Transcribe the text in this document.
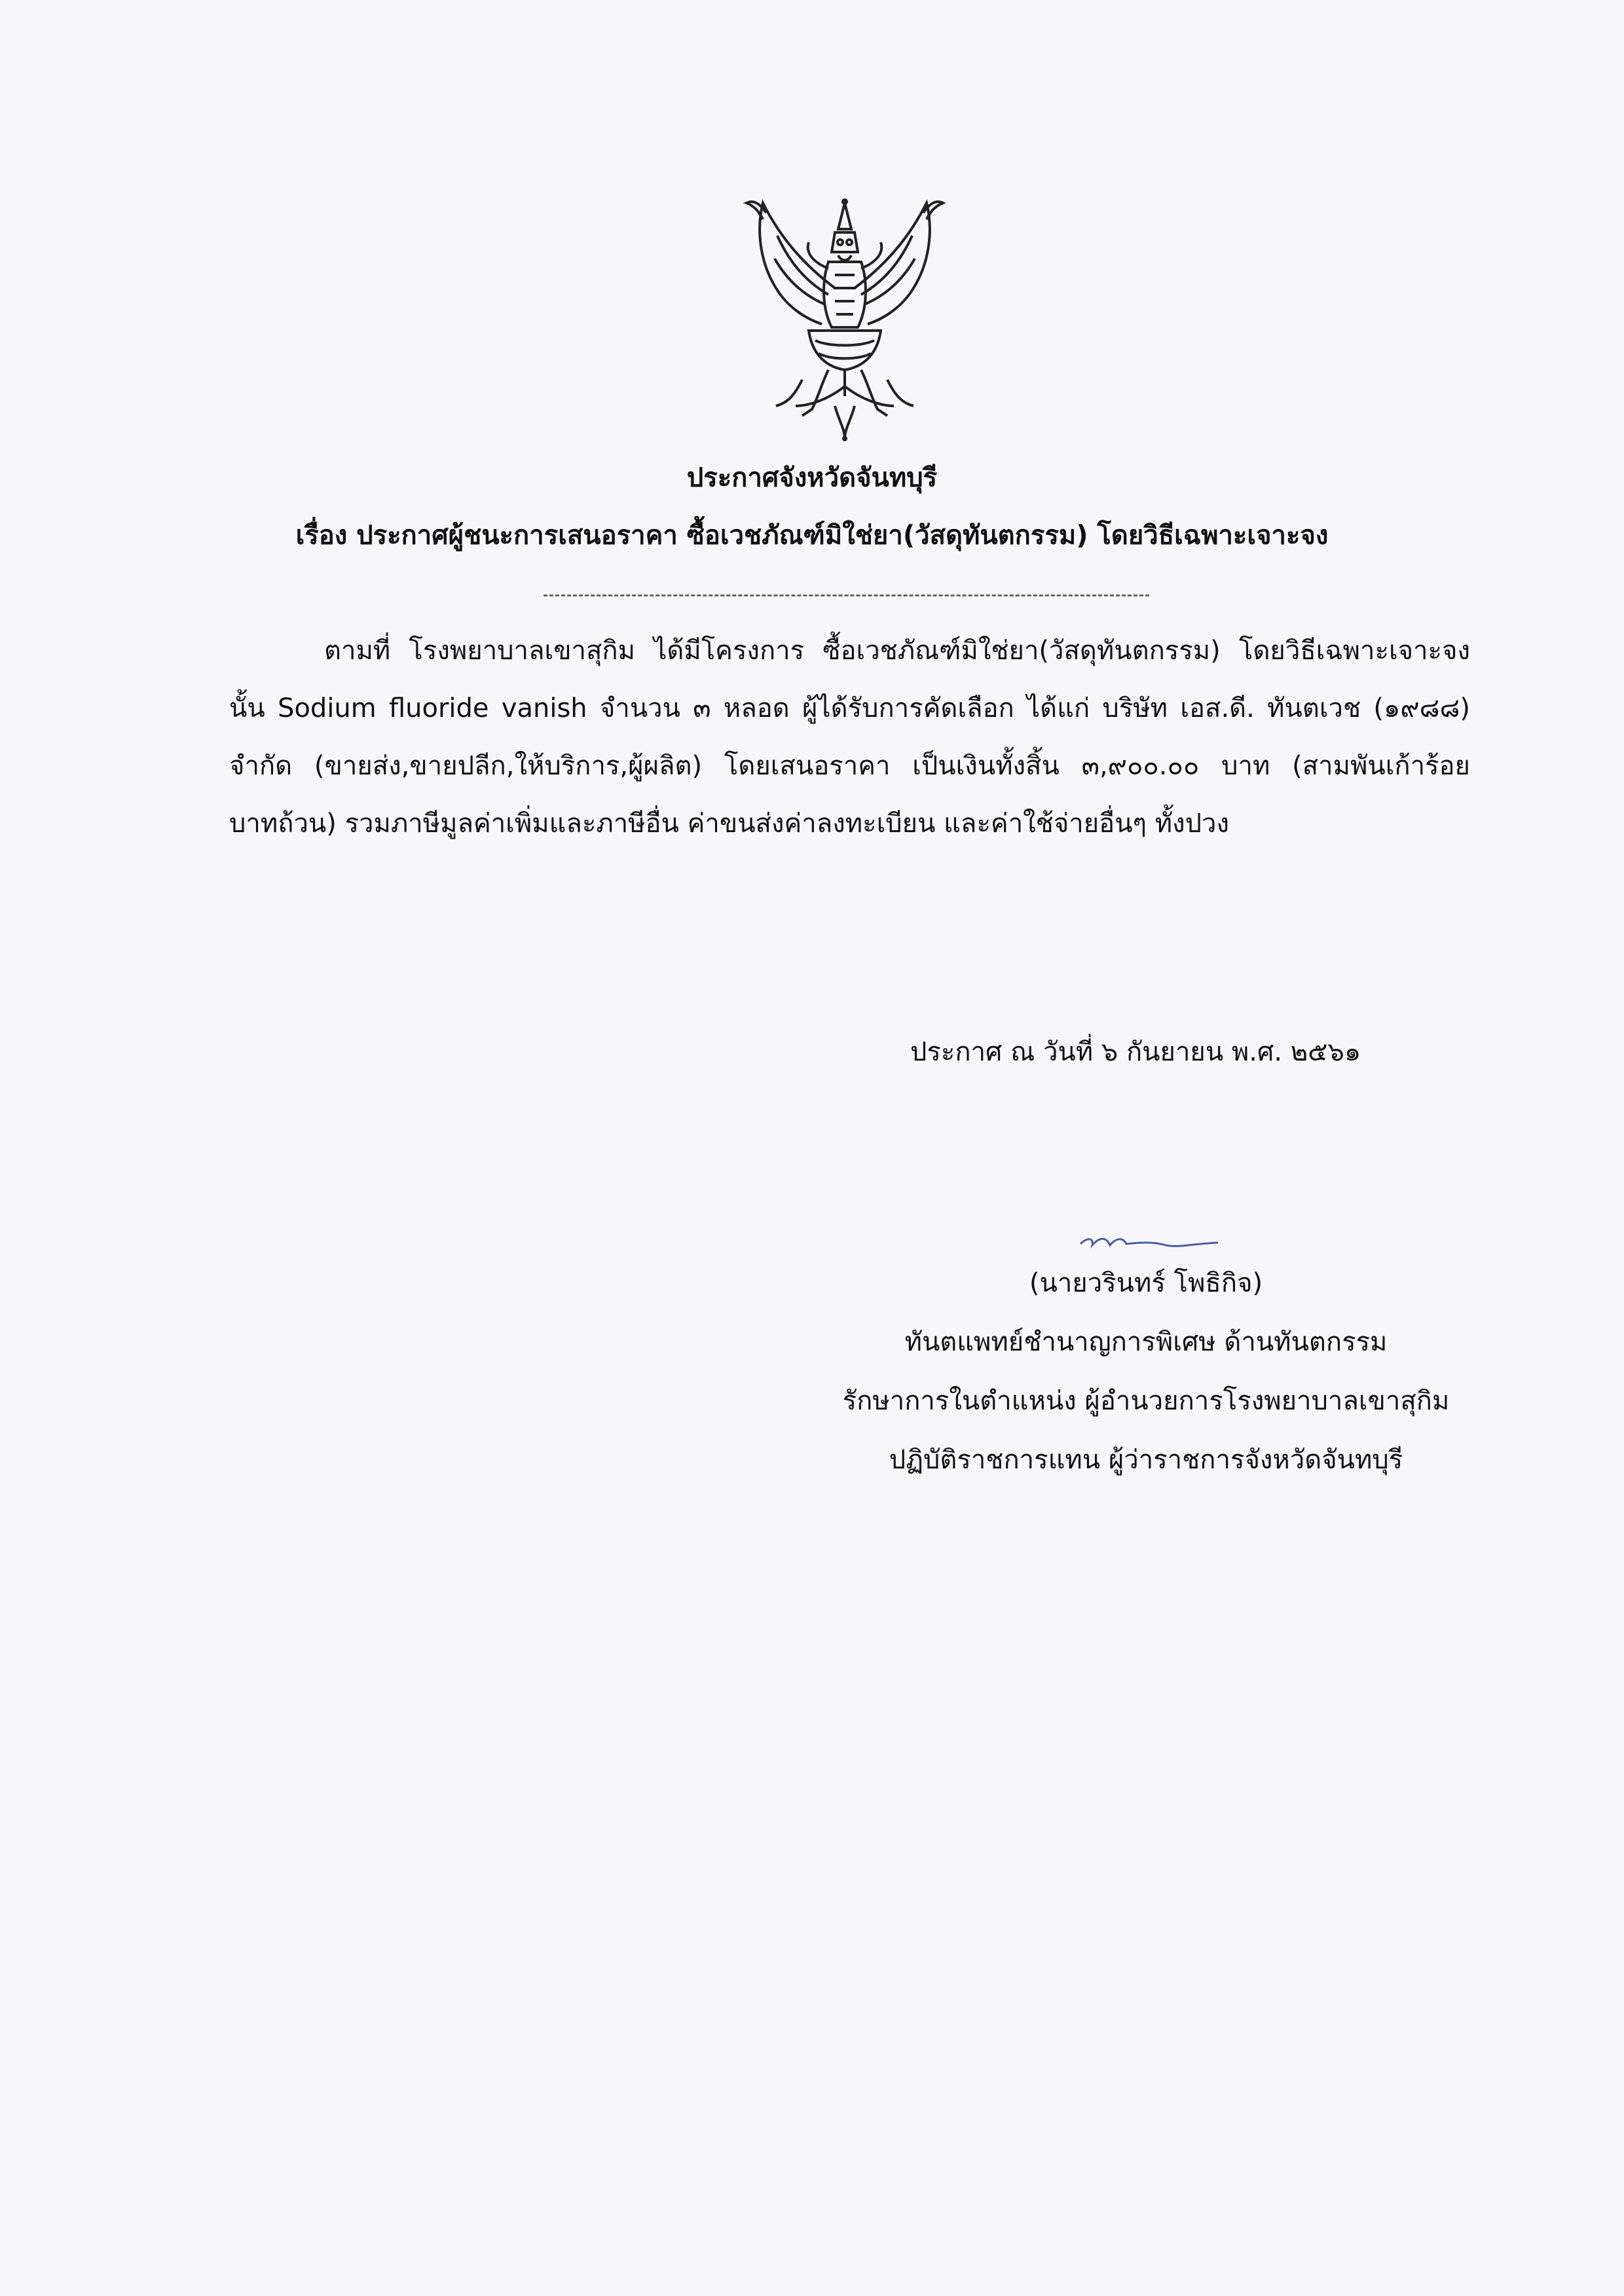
ประกาศจังหวัดจันทบุรี
เรื่อง ประกาศผู้ชนะการเสนอราคา ซื้อเวชภัณฑ์มิใช่ยา(วัสดุทันตกรรม) โดยวิธีเฉพาะเจาะจง
ตามที่ โรงพยาบาลเขาสุกิม ได้มีโครงการ ซื้อเวชภัณฑ์มิใช่ยา(วัสดุทันตกรรม) โดยวิธีเฉพาะเจาะจง
นั้น Sodium fluoride vanish จำนวน ๓ หลอด ผู้ได้รับการคัดเลือก ได้แก่ บริษัท เอส.ดี. ทันตเวช (๑๙๘๘)
จำกัด (ขายส่ง,ขายปลีก,ให้บริการ,ผู้ผลิต) โดยเสนอราคา เป็นเงินทั้งสิ้น ๓,๙๐๐.๐๐ บาท (สามพันเก้าร้อย
บาทถ้วน) รวมภาษีมูลค่าเพิ่มและภาษีอื่น ค่าขนส่งค่าลงทะเบียน และค่าใช้จ่ายอื่นๆ ทั้งปวง
ประกาศ ณ วันที่ ๖ กันยายน พ.ศ. ๒๕๖๑
(นายวรินทร์ โพธิกิจ)
ทันตแพทย์ชำนาญการพิเศษ ด้านทันตกรรม
รักษาการในตำแหน่ง ผู้อำนวยการโรงพยาบาลเขาสุกิม
ปฏิบัติราชการแทน ผู้ว่าราชการจังหวัดจันทบุรี
